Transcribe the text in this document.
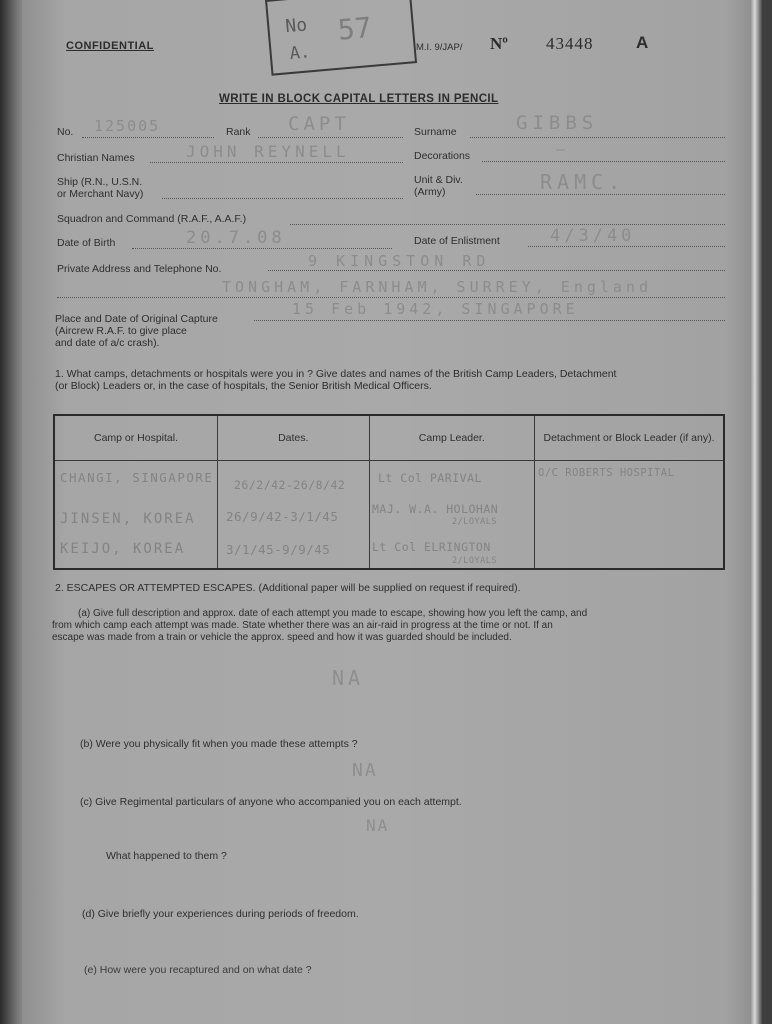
CONFIDENTIAL
No 57
A.	M.I. 9/JAP/ Nº 43448	A
WRITE IN BLOCK CAPITAL LETTERS IN PENCIL
No. 125005	Rank CAPT	Surname	GIBBS
Christian Names	JOHN REYNELL	Decorations	—
Ship (R.N., U.S.N.
or Merchant Navy)
Unit & Div.
(Army)	RAMC.
Squadron and Command (R.A.F., A.A.F.)
Date of Birth	20.7.08	Date of Enlistment	4/3/40
Private Address and Telephone No.	9 KINGSTON RD
TONGHAM, FARNHAM, SURREY, England
Place and Date of Original Capture
(Aircrew R.A.F. to give place
and date of a/c crash).
15 Feb 1942, SINGAPORE
1. What camps, detachments or hospitals were you in ? Give dates and names of the British Camp Leaders, Detachment
(or Block) Leaders or, in the case of hospitals, the Senior British Medical Officers.
Camp or Hospital.	Dates.	Camp Leader.	Detachment or Block Leader (if any).

CHANGI, SINGAPORE 26/2/42-26/8/42	Lt Col PARIVAL	O/C ROBERTS HOSPITAL
JINSEN, KOREA 26/9/42-3/1/45	MAJ. W.A. HOLOHAN
2/LOYALS
KEIJO, KOREA	3/1/45-9/9/45	Lt Col ELRINGTON
2/LOYALS
2. ESCAPES OR ATTEMPTED ESCAPES. (Additional paper will be supplied on request if required).
(a) Give full description and approx. date of each attempt you made to escape, showing how you left the camp, and
from which camp each attempt was made. State whether there was an air-raid in progress at the time or not. If an
escape was made from a train or vehicle the approx. speed and how it was guarded should be included.
NA
(b) Were you physically fit when you made these attempts ?
NA
(c) Give Regimental particulars of anyone who accompanied you on each attempt.
NA
What happened to them ?
(d) Give briefly your experiences during periods of freedom.
(e) How were you recaptured and on what date ?
